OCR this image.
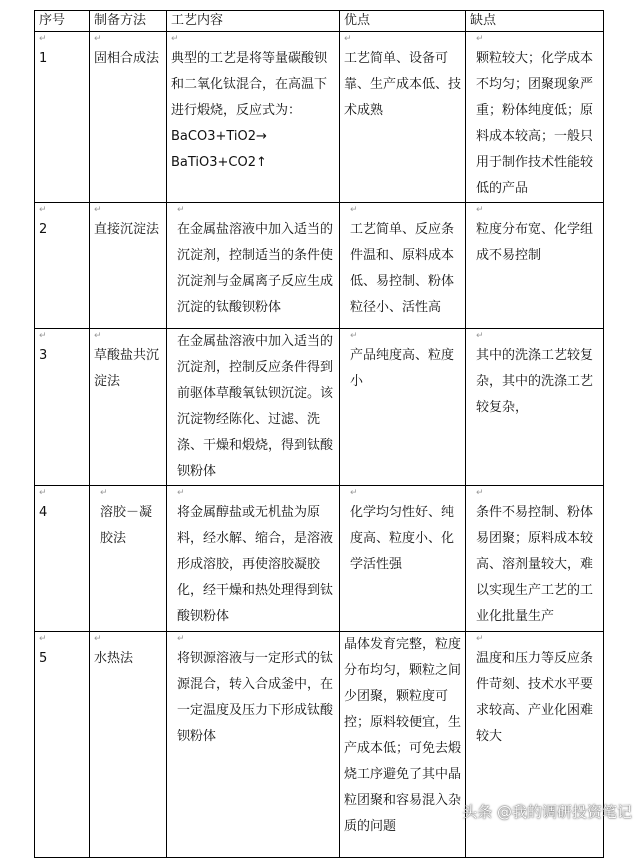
序号	制备方法	工艺内容	优点	缺点

↵
1	↵
固相合成法	↵
典型的工艺是将等量碳酸钡和二氧化钛混合，在高温下进行煅烧，反应式为：BaCO3+TiO2→ BaTiO3+CO2↑	↵
工艺简单、设备可靠、生产成本低、技术成熟	↵
颗粒较大；化学成本不均匀；团聚现象严重；粉体纯度低；原料成本较高；一般只用于制作技术性能较低的产品

↵
2	↵
直接沉淀法	↵
在金属盐溶液中加入适当的沉淀剂，控制适当的条件使沉淀剂与金属离子反应生成沉淀的钛酸钡粉体	↵
工艺简单、反应条件温和、原料成本低、易控制、粉体粒径小、活性高	↵
粒度分布宽、化学组成不易控制

↵
3	↵
草酸盐共沉淀法	在金属盐溶液中加入适当的沉淀剂，控制反应条件得到前驱体草酸氧钛钡沉淀。该沉淀物经陈化、过滤、洗涤、干燥和煅烧，得到钛酸钡粉体	↵
产品纯度高、粒度小	↵
其中的洗涤工艺较复杂，其中的洗涤工艺较复杂，

↵
4	↵
溶胶－凝胶法	↵
将金属醇盐或无机盐为原料，经水解、缩合，是溶液形成溶胶，再使溶胶凝胶化，经干燥和热处理得到钛酸钡粉体	↵
化学均匀性好、纯度高、粒度小、化学活性强	↵
条件不易控制、粉体易团聚；原料成本较高、溶剂量较大，难以实现生产工艺的工业化批量生产

↵
5	↵
水热法	↵
将钡源溶液与一定形式的钛源混合，转入合成釜中，在一定温度及压力下形成钛酸钡粉体	晶体发育完整，粒度分布均匀，颗粒之间少团聚，颗粒度可控；原料较便宜，生产成本低；可免去煅烧工序避免了其中晶粒团聚和容易混入杂质的问题	↵
温度和压力等反应条件苛刻、技术水平要求较高、产业化困难较大
头条 @我的调研投资笔记
